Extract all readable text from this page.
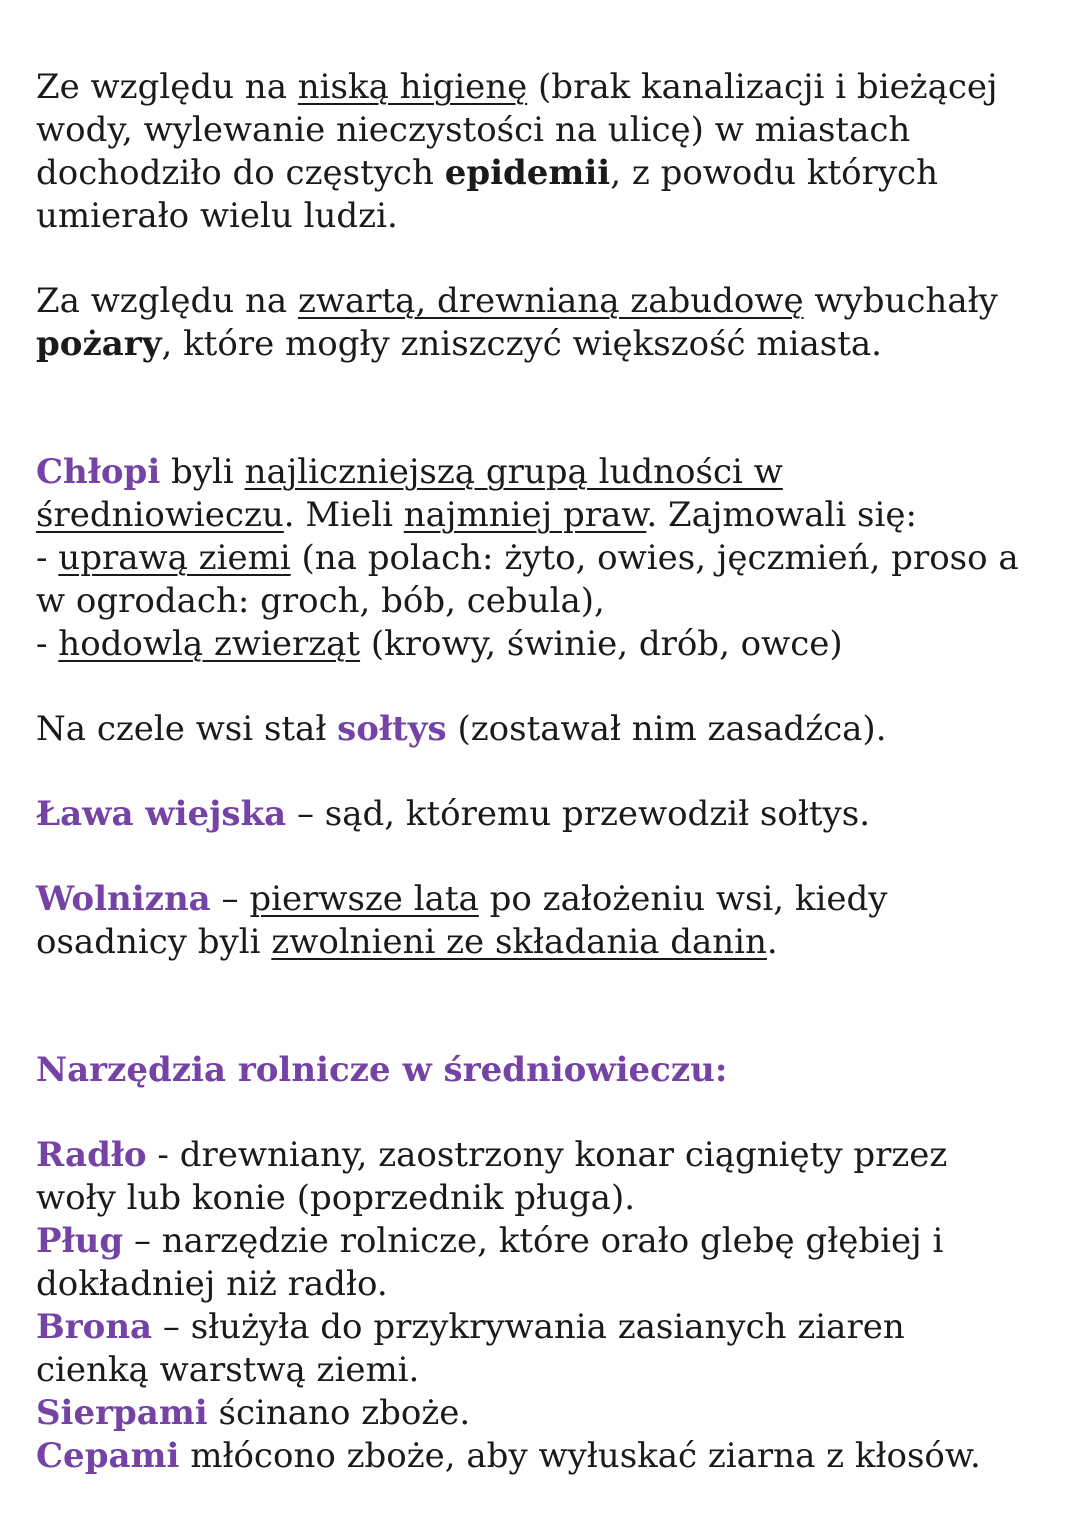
Ze względu na niską higienę (brak kanalizacji i bieżącej

wody, wylewanie nieczystości na ulicę) w miastach

dochodziło do częstych epidemii, z powodu których

umierało wielu ludzi.

Za względu na zwartą, drewnianą zabudowę wybuchały

pożary, które mogły zniszczyć większość miasta.

Chłopi byli najliczniejszą grupą ludności w

średniowieczu. Mieli najmniej praw. Zajmowali się:

- uprawą ziemi (na polach: żyto, owies, jęczmień, proso a

w ogrodach: groch, bób, cebula),

- hodowlą zwierząt (krowy, świnie, drób, owce)

Na czele wsi stał sołtys (zostawał nim zasadźca).

Ława wiejska – sąd, któremu przewodził sołtys.

Wolnizna – pierwsze lata po założeniu wsi, kiedy

osadnicy byli zwolnieni ze składania danin.

Narzędzia rolnicze w średniowieczu:

Radło - drewniany, zaostrzony konar ciągnięty przez

woły lub konie (poprzednik pługa).

Pług – narzędzie rolnicze, które orało glebę głębiej i

dokładniej niż radło.

Brona – służyła do przykrywania zasianych ziaren

cienką warstwą ziemi.

Sierpami ścinano zboże.

Cepami młócono zboże, aby wyłuskać ziarna z kłosów.
